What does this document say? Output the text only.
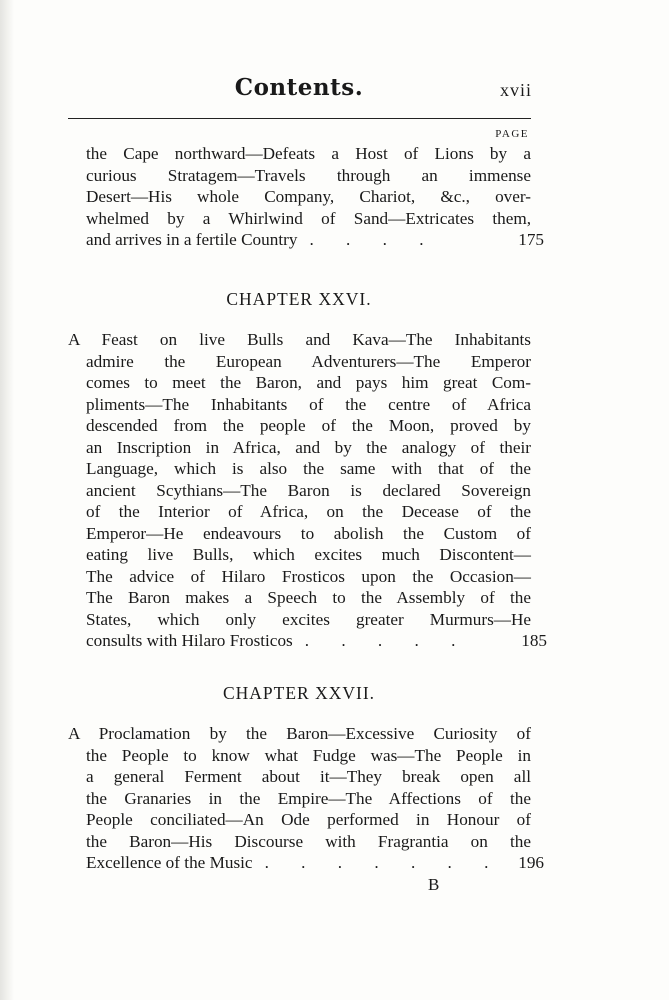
Contents.	xvii
PAGE
the Cape northward—Defeats a Host of Lions by a
curious Stratagem—Travels through an immense
Desert—His whole Company, Chariot, &c., over-
whelmed by a Whirlwind of Sand—Extricates them,
and arrives in a fertile Country . . . .	175
CHAPTER XXVI.
A Feast on live Bulls and Kava—The Inhabitants
admire the European Adventurers—The Emperor
comes to meet the Baron, and pays him great Com-
pliments—The Inhabitants of the centre of Africa
descended from the people of the Moon, proved by
an Inscription in Africa, and by the analogy of their
Language, which is also the same with that of the
ancient Scythians—The Baron is declared Sovereign
of the Interior of Africa, on the Decease of the
Emperor—He endeavours to abolish the Custom of
eating live Bulls, which excites much Discontent—
The advice of Hilaro Frosticos upon the Occasion—
The Baron makes a Speech to the Assembly of the
States, which only excites greater Murmurs—He
consults with Hilaro Frosticos . . . . .	185
CHAPTER XXVII.
A Proclamation by the Baron—Excessive Curiosity of
the People to know what Fudge was—The People in
a general Ferment about it—They break open all
the Granaries in the Empire—The Affections of the
People conciliated—An Ode performed in Honour of
the Baron—His Discourse with Fragrantia on the
Excellence of the Music . . . . . . . 196
B
